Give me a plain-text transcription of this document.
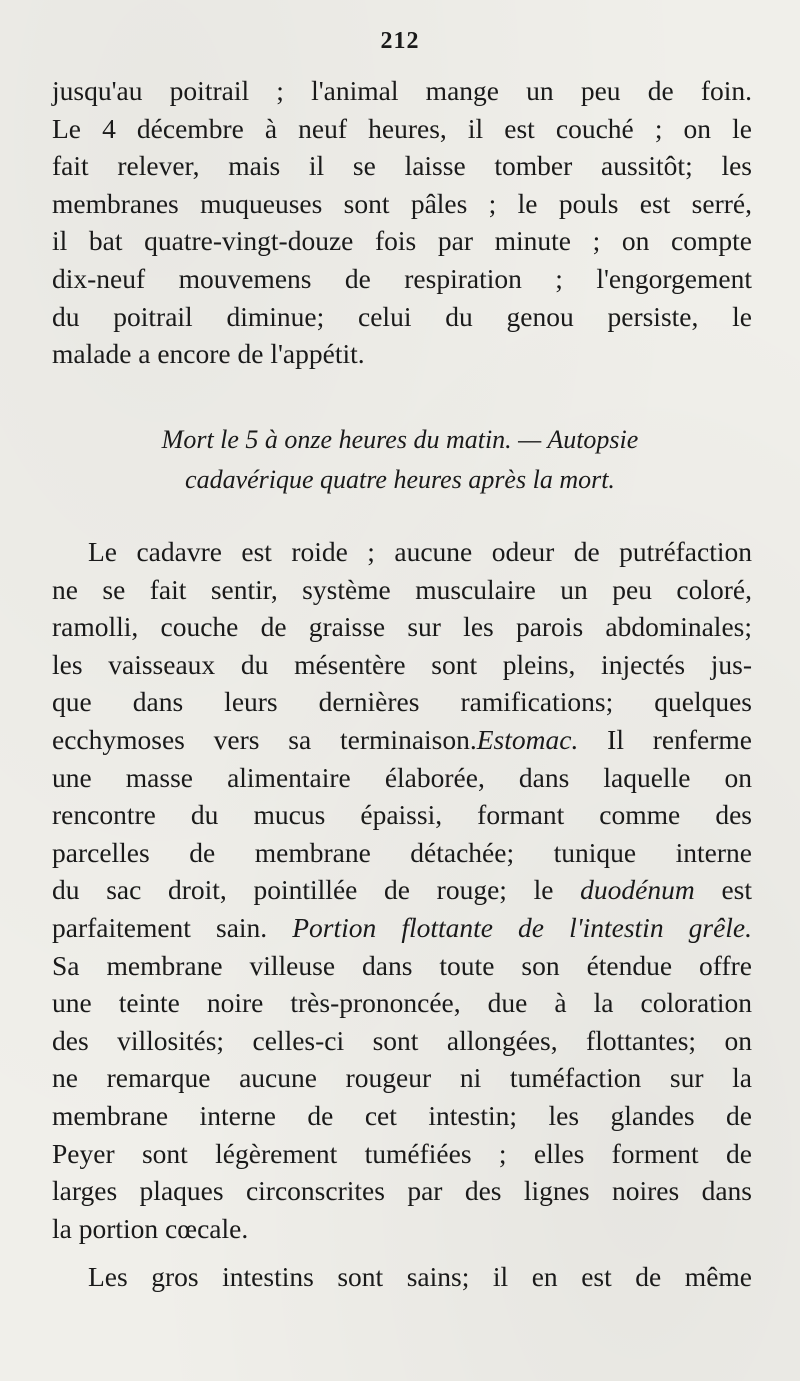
212
jusqu'au poitrail ; l'animal mange un peu de foin.
Le 4 décembre à neuf heures, il est couché ; on le
fait relever, mais il se laisse tomber aussitôt; les
membranes muqueuses sont pâles ; le pouls est serré,
il bat quatre-vingt-douze fois par minute ; on compte
dix-neuf mouvemens de respiration ; l'engorgement
du poitrail diminue; celui du genou persiste, le
malade a encore de l'appétit.
Mort le 5 à onze heures du matin. — Autopsie
cadavérique quatre heures après la mort.
Le cadavre est roide ; aucune odeur de putréfaction
ne se fait sentir, système musculaire un peu coloré,
ramolli, couche de graisse sur les parois abdominales;
les vaisseaux du mésentère sont pleins, injectés jus-
que dans leurs dernières ramifications; quelques
ecchymoses vers sa terminaison.Estomac. Il renferme
une masse alimentaire élaborée, dans laquelle on
rencontre du mucus épaissi, formant comme des
parcelles de membrane détachée; tunique interne
du sac droit, pointillée de rouge; le duodénum est
parfaitement sain. Portion flottante de l'intestin grêle.
Sa membrane villeuse dans toute son étendue offre
une teinte noire très-prononcée, due à la coloration
des villosités; celles-ci sont allongées, flottantes; on
ne remarque aucune rougeur ni tuméfaction sur la
membrane interne de cet intestin; les glandes de
Peyer sont légèrement tuméfiées ; elles forment de
larges plaques circonscrites par des lignes noires dans
la portion cœcale.
Les gros intestins sont sains; il en est de même
